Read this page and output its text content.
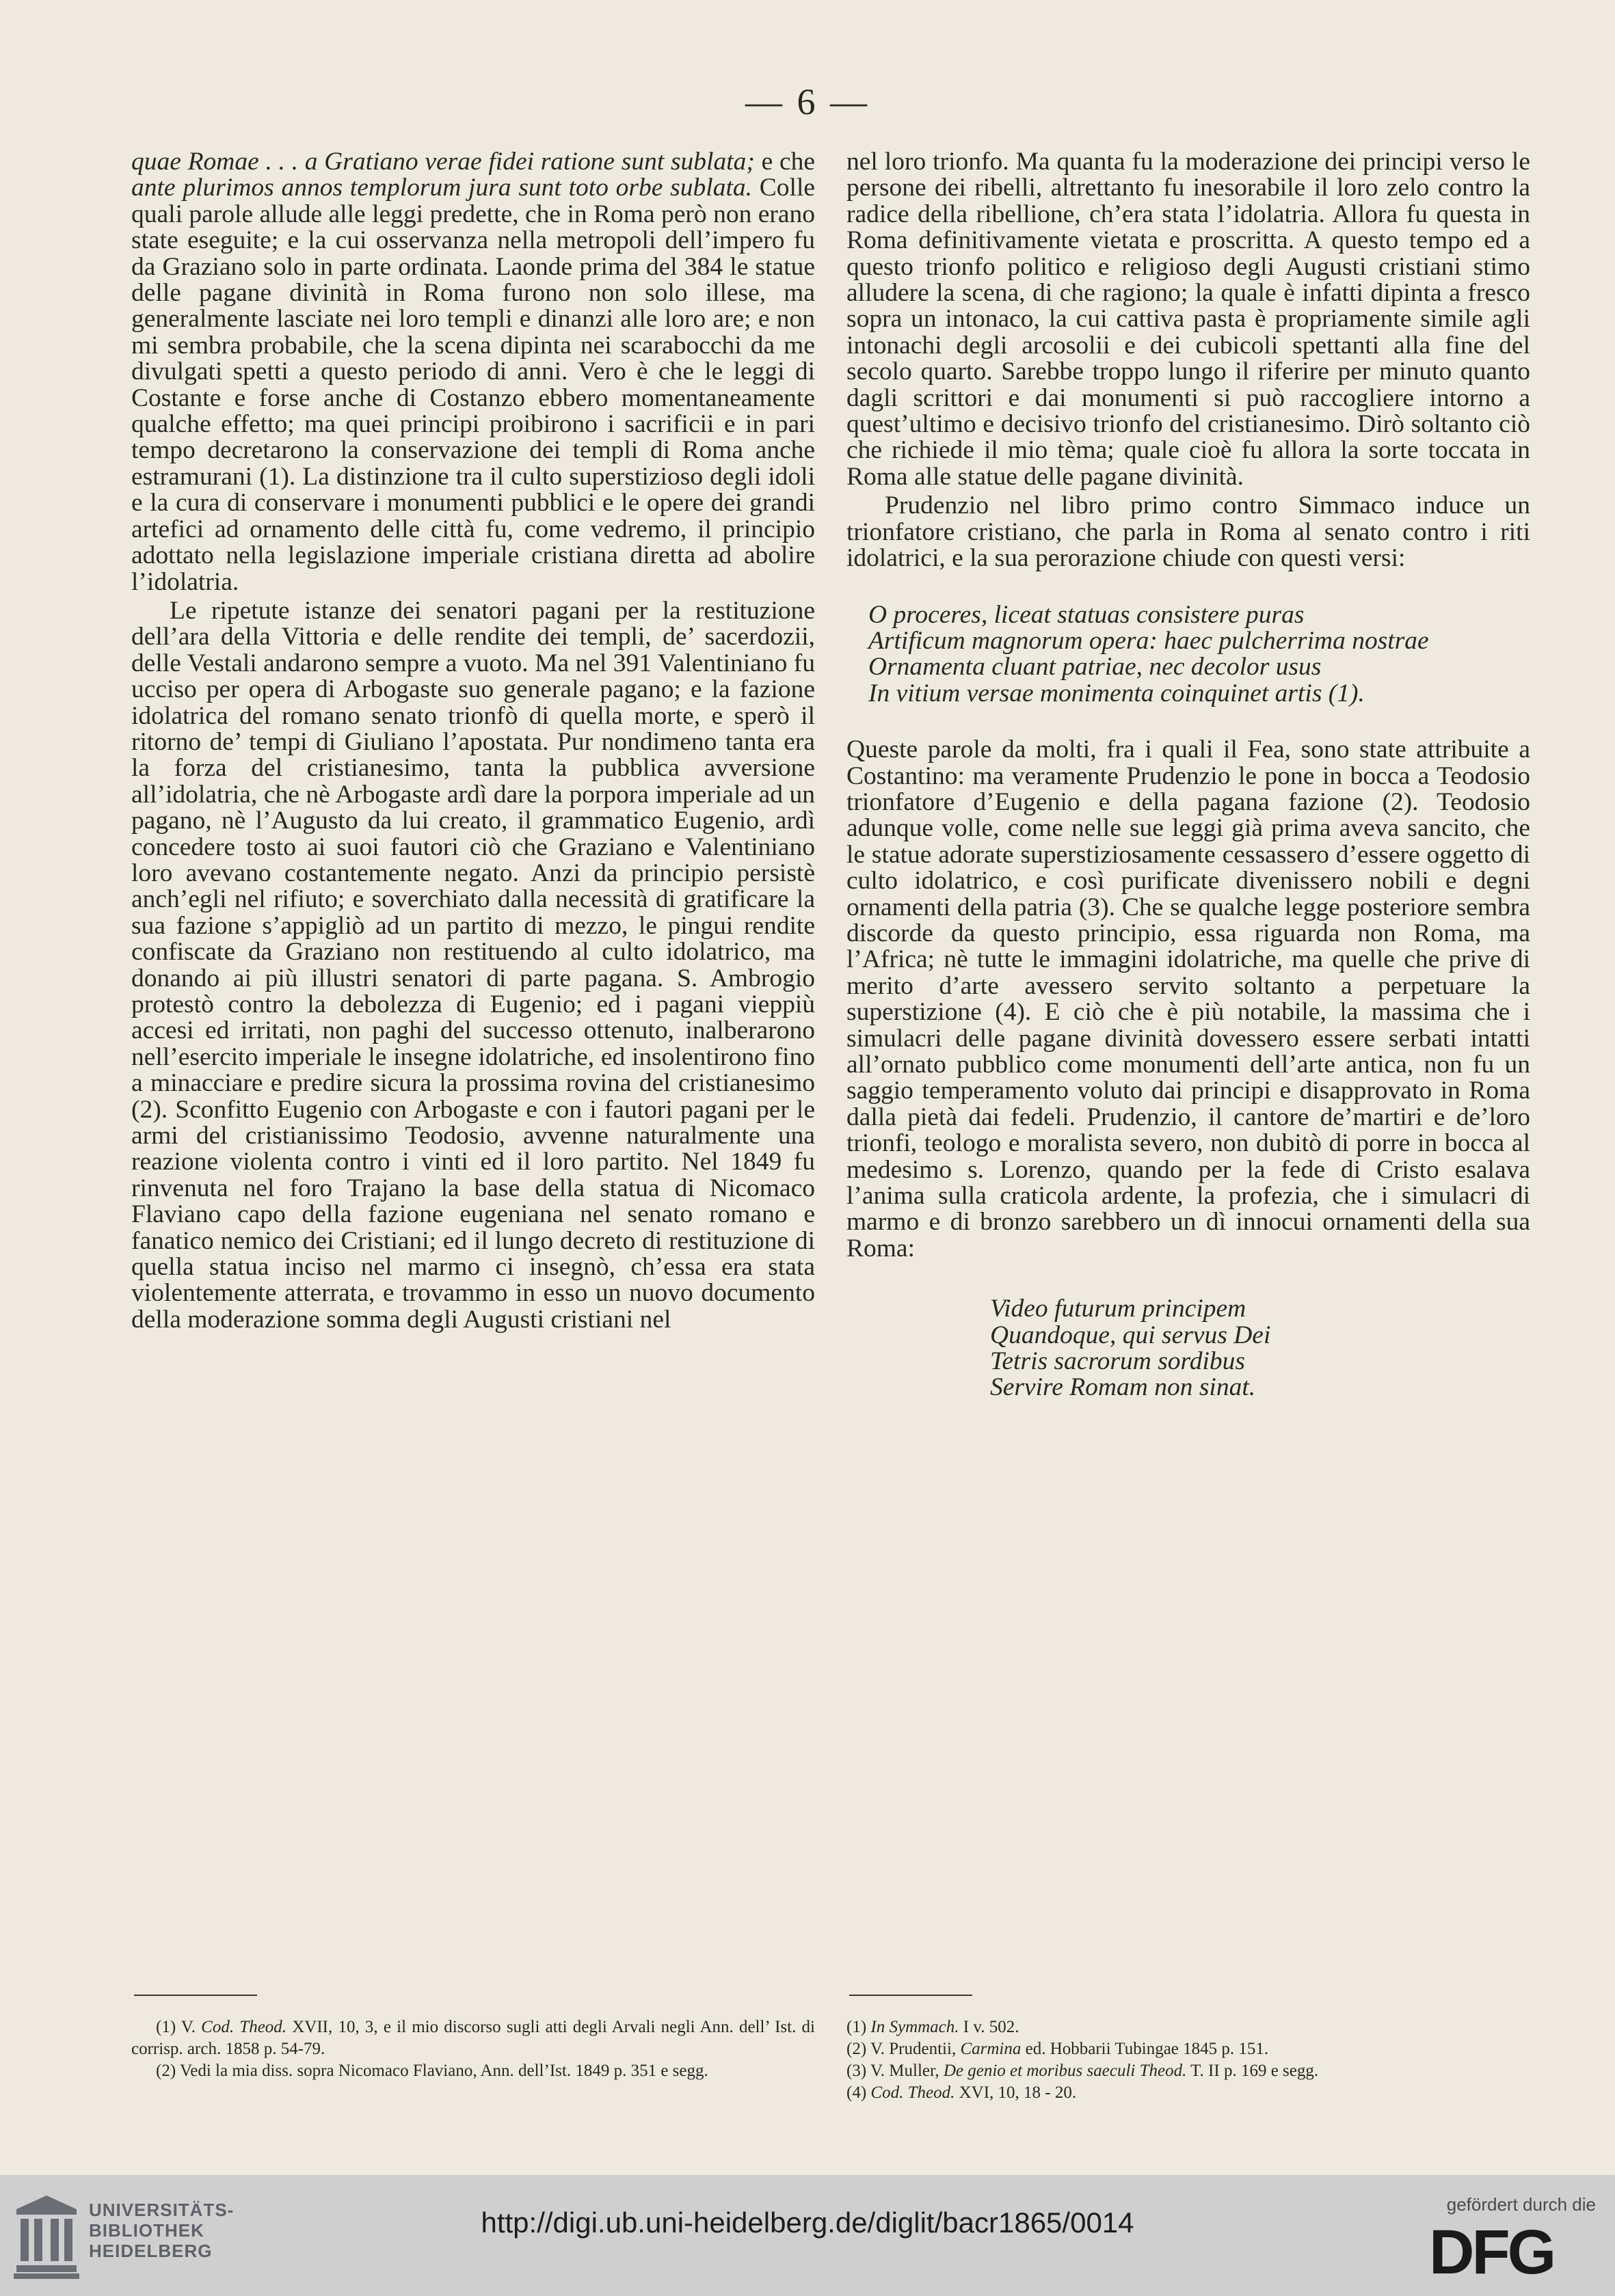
— 6 —

quae Romae . . . a Gratiano verae fidei ratione sunt sublata; e che ante plurimos annos templorum jura sunt toto orbe sublata. Colle quali parole allude alle leggi predette, che in Roma però non erano state eseguite; e la cui osservanza nella metropoli dell’impero fu da Graziano solo in parte ordinata. Laonde prima del 384 le statue delle pagane divinità in Roma furono non solo illese, ma generalmente lasciate nei loro templi e dinanzi alle loro are; e non mi sembra probabile, che la scena dipinta nei scarabocchi da me divulgati spetti a questo periodo di anni. Vero è che le leggi di Costante e forse anche di Costanzo ebbero momentaneamente qualche effetto; ma quei principi proibirono i sacrificii e in pari tempo decretarono la conservazione dei templi di Roma anche estramurani (1). La distinzione tra il culto superstizioso degli idoli e la cura di conservare i monumenti pubblici e le opere dei grandi artefici ad ornamento delle città fu, come vedremo, il principio adottato nella legislazione imperiale cristiana diretta ad abolire l’idolatria.

Le ripetute istanze dei senatori pagani per la restituzione dell’ara della Vittoria e delle rendite dei templi, de’ sacerdozii, delle Vestali andarono sempre a vuoto. Ma nel 391 Valentiniano fu ucciso per opera di Arbogaste suo generale pagano; e la fazione idolatrica del romano senato trionfò di quella morte, e sperò il ritorno de’ tempi di Giuliano l’apostata. Pur nondimeno tanta era la forza del cristianesimo, tanta la pubblica avversione all’idolatria, che nè Arbogaste ardì dare la porpora imperiale ad un pagano, nè l’Augusto da lui creato, il grammatico Eugenio, ardì concedere tosto ai suoi fautori ciò che Graziano e Valentiniano loro avevano costantemente negato. Anzi da principio persistè anch’egli nel rifiuto; e soverchiato dalla necessità di gratificare la sua fazione s’appigliò ad un partito di mezzo, le pingui rendite confiscate da Graziano non restituendo al culto idolatrico, ma donando ai più illustri senatori di parte pagana. S. Ambrogio protestò contro la debolezza di Eugenio; ed i pagani vieppiù accesi ed irritati, non paghi del successo ottenuto, inalberarono nell’esercito imperiale le insegne idolatriche, ed insolentirono fino a minacciare e predire sicura la prossima rovina del cristianesimo (2). Sconfitto Eugenio con Arbogaste e con i fautori pagani per le armi del cristianissimo Teodosio, avvenne naturalmente una reazione violenta contro i vinti ed il loro partito. Nel 1849 fu rinvenuta nel foro Trajano la base della statua di Nicomaco Flaviano capo della fazione eugeniana nel senato romano e fanatico nemico dei Cristiani; ed il lungo decreto di restituzione di quella statua inciso nel marmo ci insegnò, ch’essa era stata violentemente atterrata, e trovammo in esso un nuovo documento della moderazione somma degli Augusti cristiani nel

nel loro trionfo. Ma quanta fu la moderazione dei principi verso le persone dei ribelli, altrettanto fu inesorabile il loro zelo contro la radice della ribellione, ch’era stata l’idolatria. Allora fu questa in Roma definitivamente vietata e proscritta. A questo tempo ed a questo trionfo politico e religioso degli Augusti cristiani stimo alludere la scena, di che ragiono; la quale è infatti dipinta a fresco sopra un intonaco, la cui cattiva pasta è propriamente simile agli intonachi degli arcosolii e dei cubicoli spettanti alla fine del secolo quarto. Sarebbe troppo lungo il riferire per minuto quanto dagli scrittori e dai monumenti si può raccogliere intorno a quest’ultimo e decisivo trionfo del cristianesimo. Dirò soltanto ciò che richiede il mio tèma; quale cioè fu allora la sorte toccata in Roma alle statue delle pagane divinità.

Prudenzio nel libro primo contro Simmaco induce un trionfatore cristiano, che parla in Roma al senato contro i riti idolatrici, e la sua perorazione chiude con questi versi:

O proceres, liceat statuas consistere puras
Artificum magnorum opera: haec pulcherrima nostrae
Ornamenta cluant patriae, nec decolor usus
In vitium versae monimenta coinquinet artis (1).

Queste parole da molti, fra i quali il Fea, sono state attribuite a Costantino: ma veramente Prudenzio le pone in bocca a Teodosio trionfatore d’Eugenio e della pagana fazione (2). Teodosio adunque volle, come nelle sue leggi già prima aveva sancito, che le statue adorate superstiziosamente cessassero d’essere oggetto di culto idolatrico, e così purificate divenissero nobili e degni ornamenti della patria (3). Che se qualche legge posteriore sembra discorde da questo principio, essa riguarda non Roma, ma l’Africa; nè tutte le immagini idolatriche, ma quelle che prive di merito d’arte avessero servito soltanto a perpetuare la superstizione (4). E ciò che è più notabile, la massima che i simulacri delle pagane divinità dovessero essere serbati intatti all’ornato pubblico come monumenti dell’arte antica, non fu un saggio temperamento voluto dai principi e disapprovato in Roma dalla pietà dai fedeli. Prudenzio, il cantore de’martiri e de’loro trionfi, teologo e moralista severo, non dubitò di porre in bocca al medesimo s. Lorenzo, quando per la fede di Cristo esalava l’anima sulla craticola ardente, la profezia, che i simulacri di marmo e di bronzo sarebbero un dì innocui ornamenti della sua Roma:

Video futurum principem
Quandoque, qui servus Dei
Tetris sacrorum sordibus
Servire Romam non sinat.
(1) V. Cod. Theod. XVII, 10, 3, e il mio discorso sugli atti degli Arvali negli Ann. dell’ Ist. di corrisp. arch. 1858 p. 54-79.
(2) Vedi la mia diss. sopra Nicomaco Flaviano, Ann. dell’Ist. 1849 p. 351 e segg.
(1) In Symmach. I v. 502.
(2) V. Prudentii, Carmina ed. Hobbarii Tubingae 1845 p. 151.
(3) V. Muller, De genio et moribus saeculi Theod. T. II p. 169 e segg.
(4) Cod. Theod. XVI, 10, 18 - 20.
UNIVERSITÄTS-
BIBLIOTHEK
HEIDELBERG
http://digi.ub.uni-heidelberg.de/diglit/bacr1865/0014
gefördert durch die
DFG
